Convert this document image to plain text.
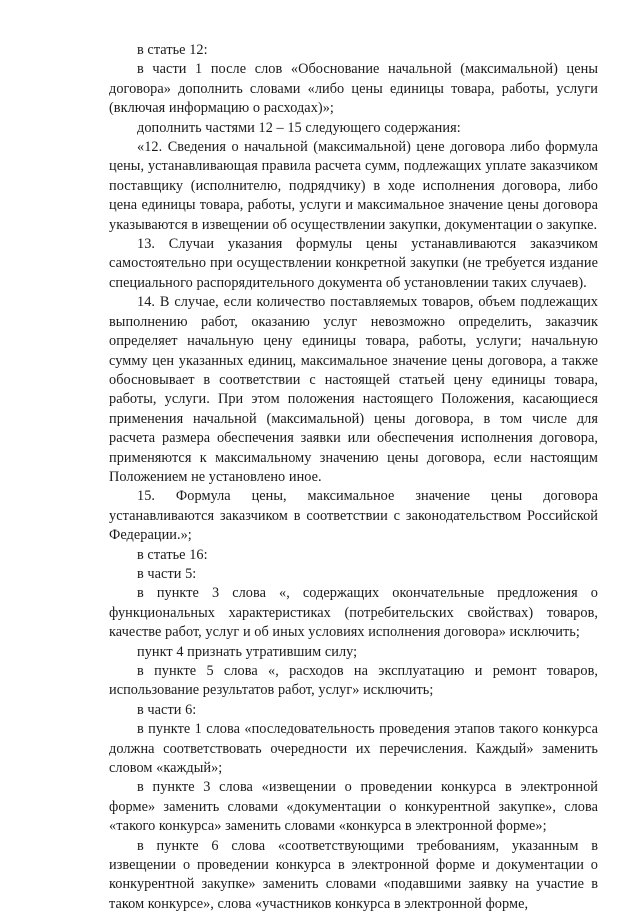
в статье 12:

в части 1 после слов «Обоснование начальной (максимальной) цены договора» дополнить словами «либо цены единицы товара, работы, услуги (включая информацию о расходах)»;

дополнить частями 12 – 15 следующего содержания:

«12. Сведения о начальной (максимальной) цене договора либо формула цены, устанавливающая правила расчета сумм, подлежащих уплате заказчиком поставщику (исполнителю, подрядчику) в ходе исполнения договора, либо цена единицы товара, работы, услуги и максимальное значение цены договора указываются в извещении об осуществлении закупки, документации о закупке.

13. Случаи указания формулы цены устанавливаются заказчиком самостоятельно при осуществлении конкретной закупки (не требуется издание специального распорядительного документа об установлении таких случаев).

14. В случае, если количество поставляемых товаров, объем подлежащих выполнению работ, оказанию услуг невозможно определить, заказчик определяет начальную цену единицы товара, работы, услуги; начальную сумму цен указанных единиц, максимальное значение цены договора, а также обосновывает в соответствии с настоящей статьей цену единицы товара, работы, услуги. При этом положения настоящего Положения, касающиеся применения начальной (максимальной) цены договора, в том числе для расчета размера обеспечения заявки или обеспечения исполнения договора, применяются к максимальному значению цены договора, если настоящим Положением не установлено иное.

15. Формула цены, максимальное значение цены договора устанавливаются заказчиком в соответствии с законодательством Российской Федерации.»;

в статье 16:

в части 5:

в пункте 3 слова «, содержащих окончательные предложения о функциональных характеристиках (потребительских свойствах) товаров, качестве работ, услуг и об иных условиях исполнения договора» исключить;

пункт 4 признать утратившим силу;

в пункте 5 слова «, расходов на эксплуатацию и ремонт товаров, использование результатов работ, услуг» исключить;

в части 6:

в пункте 1 слова «последовательность проведения этапов такого конкурса должна соответствовать очередности их перечисления. Каждый» заменить словом «каждый»;

в пункте 3 слова «извещении о проведении конкурса в электронной форме» заменить словами «документации о конкурентной закупке», слова «такого конкурса» заменить словами «конкурса в электронной форме»;

в пункте 6 слова «соответствующими требованиям, указанным в извещении о проведении конкурса в электронной форме и документации о конкурентной закупке» заменить словами «подавшими заявку на участие в таком конкурсе», слова «участников конкурса в электронной форме,
